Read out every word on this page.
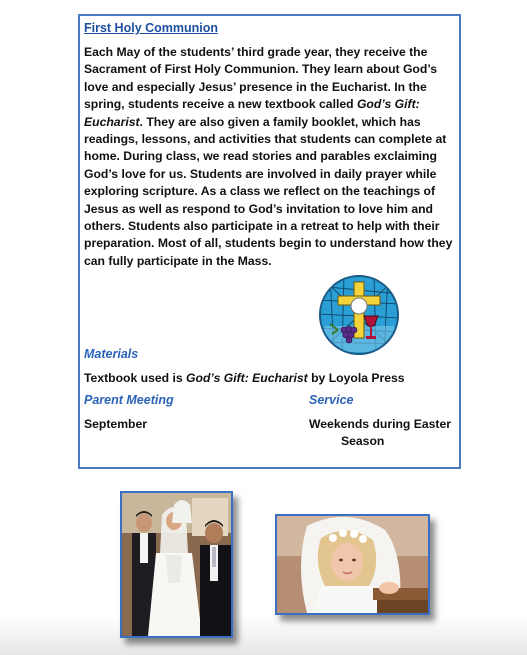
First Holy Communion
Each May of the students’ third grade year, they receive the Sacrament of First Holy Communion. They learn about God’s love and especially Jesus’ presence in the Eucharist. In the spring, students receive a new textbook called God’s Gift: Eucharist. They are also given a family booklet, which has readings, lessons, and activities that students can complete at home. During class, we read stories and parables exclaiming God’s love for us. Students are involved in daily prayer while exploring scripture. As a class we reflect on the teachings of Jesus as well as respond to God’s invitation to love him and others. Students also participate in a retreat to help with their preparation. Most of all, students begin to understand how they can fully participate in the Mass.
Materials
Textbook used is God’s Gift: Eucharist by Loyola Press
Parent Meeting
September
Service
Weekends during Easter
Season
